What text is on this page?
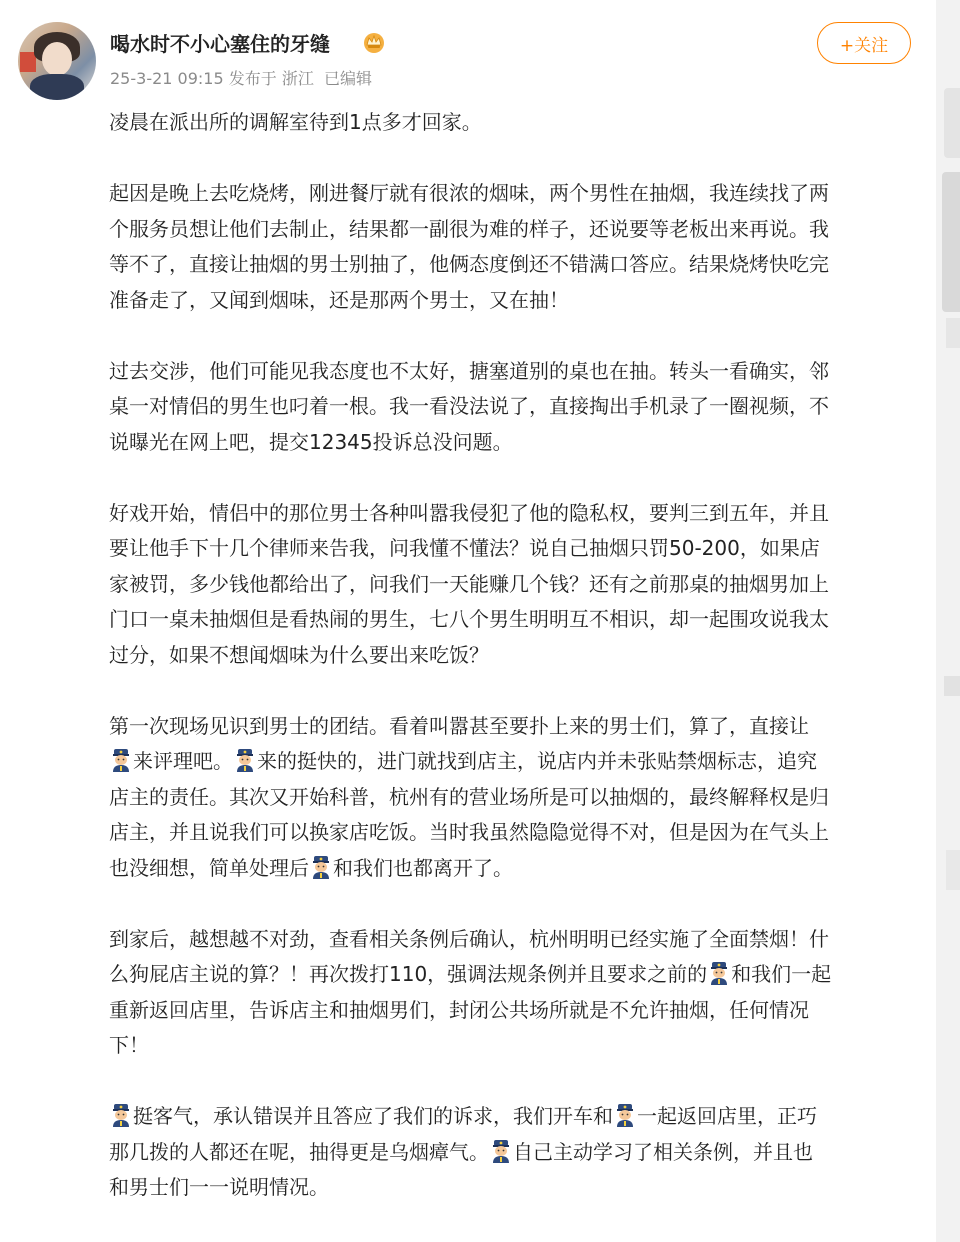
喝水时不小心塞住的牙缝
25-3-21 09:15 发布于 浙江 已编辑
+关注
凌晨在派出所的调解室待到1点多才回家。
起因是晚上去吃烧烤，刚进餐厅就有很浓的烟味，两个男性在抽烟，我连续找了两
个服务员想让他们去制止，结果都一副很为难的样子，还说要等老板出来再说。我
等不了，直接让抽烟的男士别抽了，他俩态度倒还不错满口答应。结果烧烤快吃完
准备走了，又闻到烟味，还是那两个男士，又在抽！
过去交涉，他们可能见我态度也不太好，搪塞道别的桌也在抽。转头一看确实，邻
桌一对情侣的男生也叼着一根。我一看没法说了，直接掏出手机录了一圈视频，不
说曝光在网上吧，提交12345投诉总没问题。
好戏开始，情侣中的那位男士各种叫嚣我侵犯了他的隐私权，要判三到五年，并且
要让他手下十几个律师来告我，问我懂不懂法？说自己抽烟只罚50-200，如果店
家被罚，多少钱他都给出了，问我们一天能赚几个钱？还有之前那桌的抽烟男加上
门口一桌未抽烟但是看热闹的男生，七八个男生明明互不相识，却一起围攻说我太
过分，如果不想闻烟味为什么要出来吃饭？
第一次现场见识到男士的团结。看着叫嚣甚至要扑上来的男士们，算了，直接让
来评理吧。 来的挺快的，进门就找到店主，说店内并未张贴禁烟标志，追究
店主的责任。其次又开始科普，杭州有的营业场所是可以抽烟的，最终解释权是归
店主，并且说我们可以换家店吃饭。当时我虽然隐隐觉得不对，但是因为在气头上
也没细想，简单处理后 和我们也都离开了。
到家后，越想越不对劲，查看相关条例后确认，杭州明明已经实施了全面禁烟！什
么狗屁店主说的算？！再次拨打110，强调法规条例并且要求之前的 和我们一起
重新返回店里，告诉店主和抽烟男们，封闭公共场所就是不允许抽烟，任何情况
下！
挺客气，承认错误并且答应了我们的诉求，我们开车和 一起返回店里，正巧
那几拨的人都还在呢，抽得更是乌烟瘴气。 自己主动学习了相关条例，并且也
和男士们一一说明情况。
